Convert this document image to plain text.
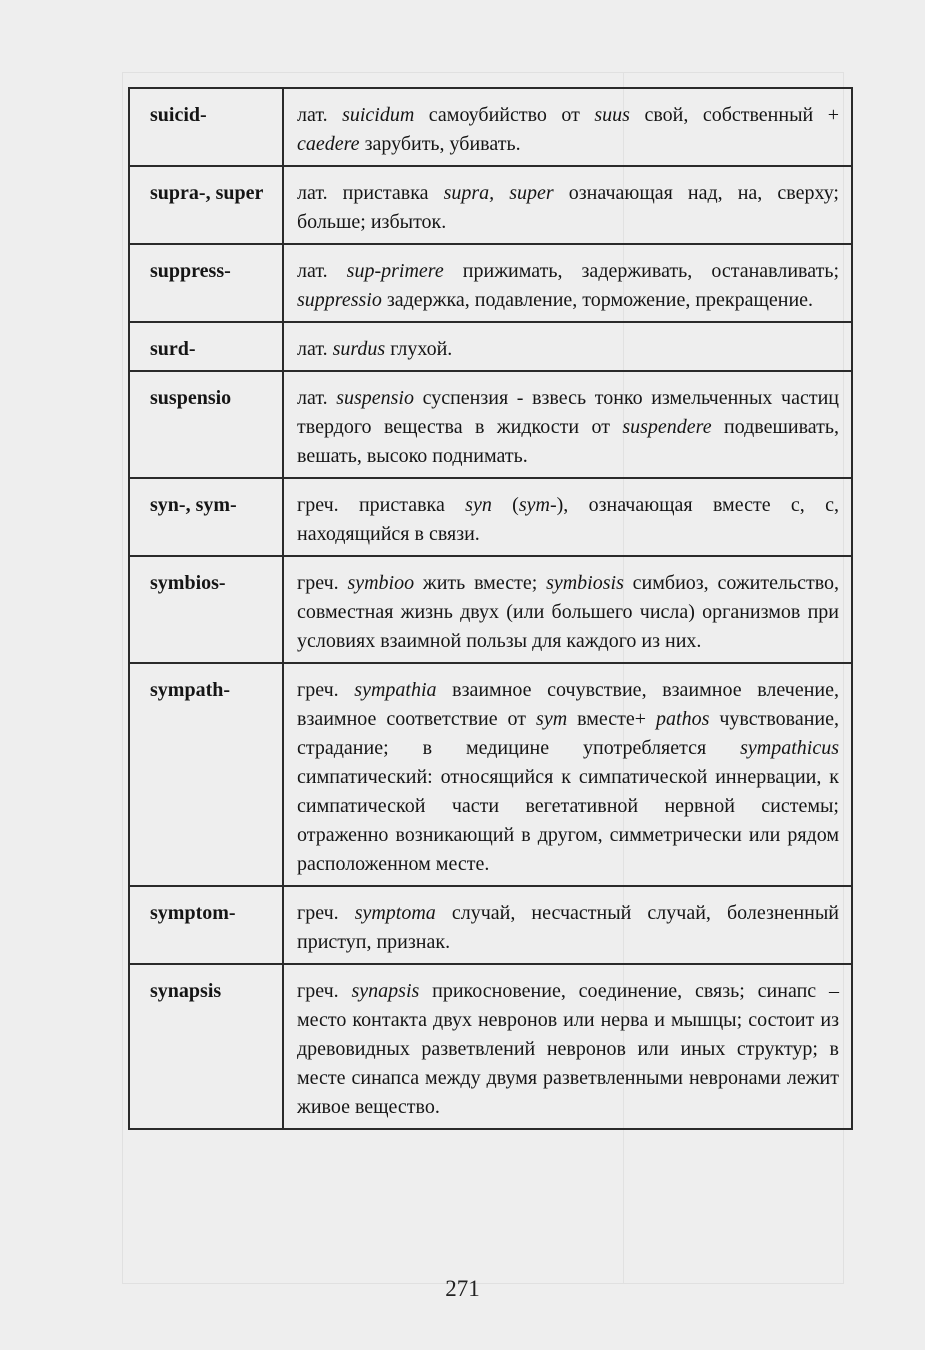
suicid-	лат. suicidum самоубийство от suus свой, собственный + caedere зарубить, убивать.
supra-, super	лат. приставка supra, super означающая над, на, сверху; больше; избыток.
suppress-	лат. sup-primere прижимать, задерживать, останавливать; suppressio задержка, подавление, торможение, прекращение.
surd-	лат. surdus глухой.
suspensio	лат. suspensio суспензия - взвесь тонко измельченных частиц твердого вещества в жидкости от suspendere подвешивать, вешать, высоко поднимать.
syn-, sym-	греч. приставка syn (sym-), означающая вместе с, с, находящийся в связи.
symbios-	греч. symbioo жить вместе; symbiosis симбиоз, сожительство, совместная жизнь двух (или большего числа) организмов при условиях взаимной пользы для каждого из них.
sympath-	греч. sympathia взаимное сочувствие, взаимное влечение, взаимное соответствие от sym вместе+ pathos чувствование, страдание; в медицине употребляется sympathicus симпатический: относящийся к симпатической иннервации, к симпатической части вегетативной нервной системы; отраженно возникающий в другом, симметрически или рядом расположенном месте.
symptom-	греч. symptoma случай, несчастный случай, болезненный приступ, признак.
synapsis	греч. synapsis прикосновение, соединение, связь; синапс – место контакта двух невронов или нерва и мышцы; состоит из древовидных разветвлений невронов или иных структур; в месте синапса между двумя разветвленными невронами лежит живое вещество.
271
